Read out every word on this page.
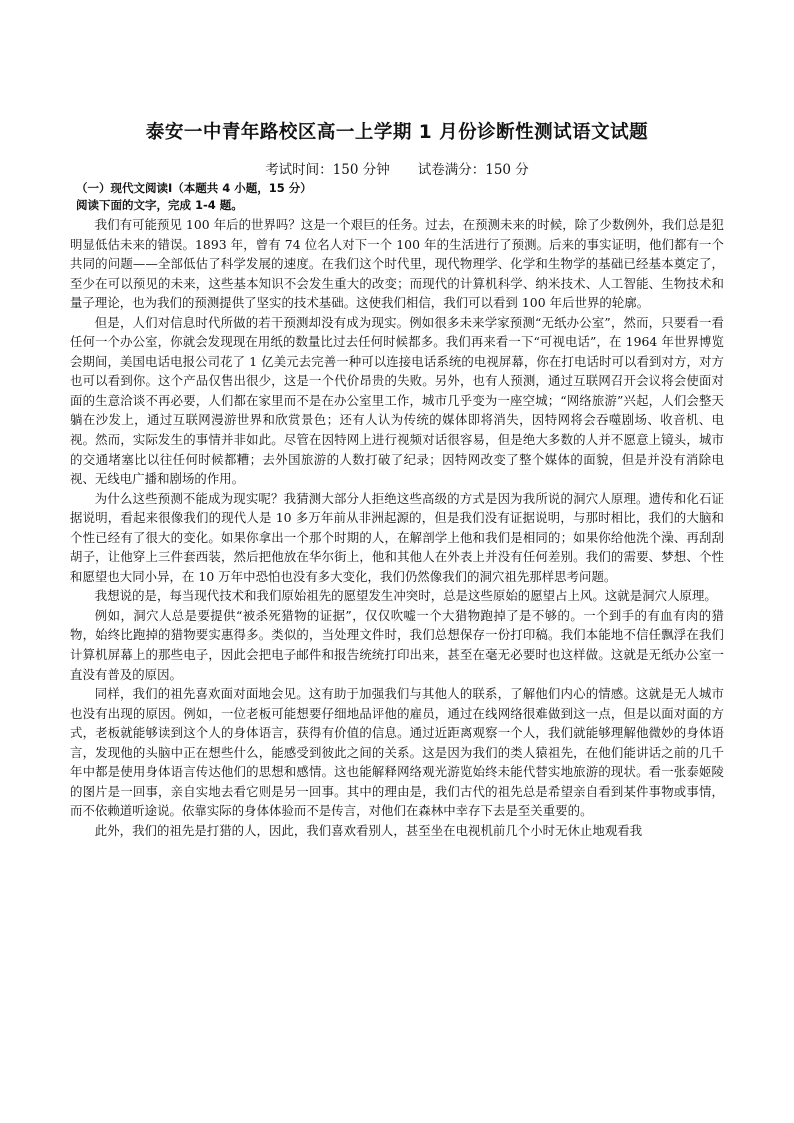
泰安一中青年路校区高一上学期 1 月份诊断性测试语文试题

考试时间：150 分钟 试卷满分：150 分

（一）现代文阅读Ⅰ（本题共 4 小题，15 分）
阅读下面的文字，完成 1-4 题。

我们有可能预见 100 年后的世界吗？这是一个艰巨的任务。过去，在预测未来的时候，除了少数例外，我们总是犯明显低估未来的错误。1893 年，曾有 74 位名人对下一个 100 年的生活进行了预测。后来的事实证明，他们都有一个共同的问题——全部低估了科学发展的速度。在我们这个时代里，现代物理学、化学和生物学的基础已经基本奠定了，至少在可以预见的未来，这些基本知识不会发生重大的改变；而现代的计算机科学、纳米技术、人工智能、生物技术和量子理论，也为我们的预测提供了坚实的技术基础。这使我们相信，我们可以看到 100 年后世界的轮廓。

但是，人们对信息时代所做的若干预测却没有成为现实。例如很多未来学家预测“无纸办公室”，然而，只要看一看任何一个办公室，你就会发现现在用纸的数量比过去任何时候都多。我们再来看一下“可视电话”，在 1964 年世界博览会期间，美国电话电报公司花了 1 亿美元去完善一种可以连接电话系统的电视屏幕，你在打电话时可以看到对方，对方也可以看到你。这个产品仅售出很少，这是一个代价昂贵的失败。另外，也有人预测，通过互联网召开会议将会使面对面的生意洽谈不再必要，人们都在家里而不是在办公室里工作，城市几乎变为一座空城；“网络旅游”兴起，人们会整天躺在沙发上，通过互联网漫游世界和欣赏景色；还有人认为传统的媒体即将消失，因特网将会吞噬剧场、收音机、电视。然而，实际发生的事情并非如此。尽管在因特网上进行视频对话很容易，但是绝大多数的人并不愿意上镜头，城市的交通堵塞比以往任何时候都糟；去外国旅游的人数打破了纪录；因特网改变了整个媒体的面貌，但是并没有消除电视、无线电广播和剧场的作用。

为什么这些预测不能成为现实呢？我猜测大部分人拒绝这些高级的方式是因为我所说的洞穴人原理。遗传和化石证据说明，看起来很像我们的现代人是 10 多万年前从非洲起源的，但是我们没有证据说明，与那时相比，我们的大脑和个性已经有了很大的变化。如果你拿出一个那个时期的人，在解剖学上他和我们是相同的；如果你给他洗个澡、再刮刮胡子，让他穿上三件套西装，然后把他放在华尔街上，他和其他人在外表上并没有任何差别。我们的需要、梦想、个性和愿望也大同小异，在 10 万年中恐怕也没有多大变化，我们仍然像我们的洞穴祖先那样思考问题。

我想说的是，每当现代技术和我们原始祖先的愿望发生冲突时，总是这些原始的愿望占上风。这就是洞穴人原理。

例如，洞穴人总是要提供“被杀死猎物的证据”，仅仅吹嘘一个大猎物跑掉了是不够的。一个到手的有血有肉的猎物，始终比跑掉的猎物要实惠得多。类似的，当处理文件时，我们总想保存一份打印稿。我们本能地不信任飘浮在我们计算机屏幕上的那些电子，因此会把电子邮件和报告统统打印出来，甚至在毫无必要时也这样做。这就是无纸办公室一直没有普及的原因。

同样，我们的祖先喜欢面对面地会见。这有助于加强我们与其他人的联系，了解他们内心的情感。这就是无人城市也没有出现的原因。例如，一位老板可能想要仔细地品评他的雇员，通过在线网络很难做到这一点，但是以面对面的方式，老板就能够读到这个人的身体语言，获得有价值的信息。通过近距离观察一个人，我们就能够理解他微妙的身体语言，发现他的头脑中正在想些什么，能感受到彼此之间的关系。这是因为我们的类人猿祖先，在他们能讲话之前的几千年中都是使用身体语言传达他们的思想和感情。这也能解释网络观光游览始终未能代替实地旅游的现状。看一张泰姬陵的图片是一回事，亲自实地去看它则是另一回事。其中的理由是，我们古代的祖先总是希望亲自看到某件事物或事情，而不依赖道听途说。依靠实际的身体体验而不是传言，对他们在森林中幸存下去是至关重要的。

此外，我们的祖先是打猎的人，因此，我们喜欢看别人，甚至坐在电视机前几个小时无休止地观看我
